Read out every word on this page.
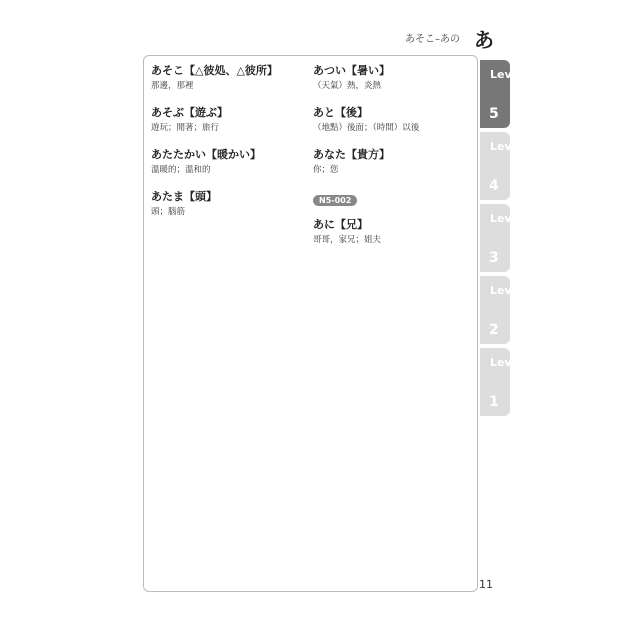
あそこ–あの あ
あそこ【△彼処、△彼所】
那邊，那裡
あそぶ【遊ぶ】
遊玩；閒著；旅行
あたたかい【暖かい】
溫暖的；溫和的
あたま【頭】
頭；腦筋
あつい【暑い】
（天氣）熱，炎熱
あと【後】
（地點）後面；（時間）以後
あなた【貴方】
你；您
N5-002
あに【兄】
哥哥，家兄；姐夫
Level
5
Level
4
Level
3
Level
2
Level
1
11
